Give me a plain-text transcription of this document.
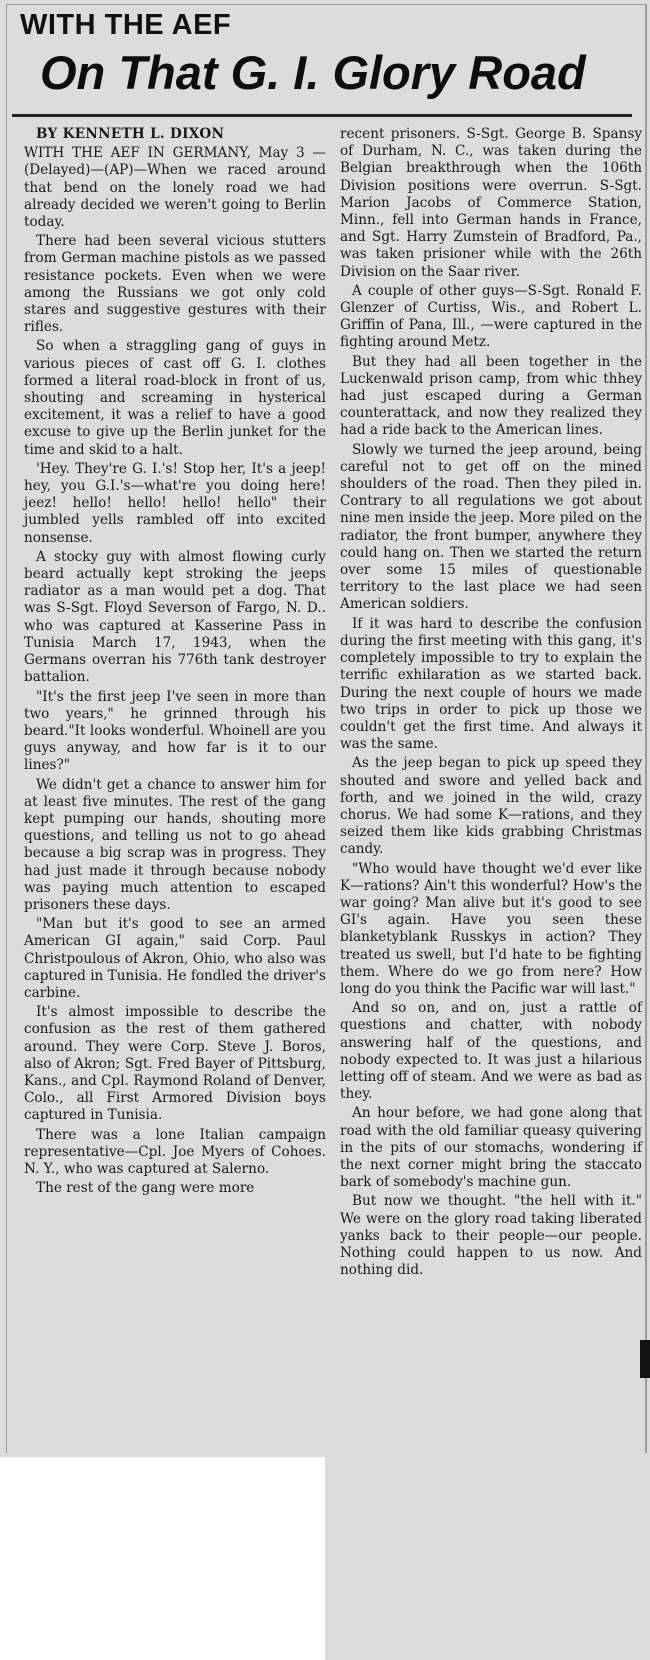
WITH THE AEF
On That G. I. Glory Road

BY KENNETH L. DIXON

WITH THE AEF IN GERMANY, May 3 —(Delayed)—(AP)—When we raced around that bend on the lonely road we had already decided we weren't going to Berlin today.

There had been several vicious stutters from German machine pistols as we passed resistance pockets. Even when we were among the Russians we got only cold stares and suggestive gestures with their rifles.

So when a straggling gang of guys in various pieces of cast off G. I. clothes formed a literal road-block in front of us, shouting and screaming in hysterical excitement, it was a relief to have a good excuse to give up the Berlin junket for the time and skid to a halt.

'Hey. They're G. I.'s! Stop her, It's a jeep! hey, you G.I.'s—what're you doing here! jeez! hello! hello! hello! hello" their jumbled yells rambled off into excited nonsense.

A stocky guy with almost flowing curly beard actually kept stroking the jeeps radiator as a man would pet a dog. That was S-Sgt. Floyd Severson of Fargo, N. D.. who was captured at Kasserine Pass in Tunisia March 17, 1943, when the Germans overran his 776th tank destroyer battalion.

"It's the first jeep I've seen in more than two years," he grinned through his beard."It looks wonderful. Whoinell are you guys anyway, and how far is it to our lines?"

We didn't get a chance to answer him for at least five minutes. The rest of the gang kept pumping our hands, shouting more questions, and telling us not to go ahead because a big scrap was in progress. They had just made it through because nobody was paying much attention to escaped prisoners these days.

"Man but it's good to see an armed American GI again," said Corp. Paul Christpoulous of Akron, Ohio, who also was captured in Tunisia. He fondled the driver's carbine.

It's almost impossible to describe the confusion as the rest of them gathered around. They were Corp. Steve J. Boros, also of Akron; Sgt. Fred Bayer of Pittsburg, Kans., and Cpl. Raymond Roland of Denver, Colo., all First Armored Division boys captured in Tunisia.

There was a lone Italian campaign representative—Cpl. Joe Myers of Cohoes. N. Y., who was captured at Salerno.

The rest of the gang were more

recent prisoners. S-Sgt. George B. Spansy of Durham, N. C., was taken during the Belgian breakthrough when the 106th Division positions were overrun. S-Sgt. Marion Jacobs of Commerce Station, Minn., fell into German hands in France, and Sgt. Harry Zumstein of Bradford, Pa., was taken prisioner while with the 26th Division on the Saar river.

A couple of other guys—S-Sgt. Ronald F. Glenzer of Curtiss, Wis., and Robert L. Griffin of Pana, Ill., —were captured in the fighting around Metz.

But they had all been together in the Luckenwald prison camp, from whic thhey had just escaped during a German counterattack, and now they realized they had a ride back to the American lines.

Slowly we turned the jeep around, being careful not to get off on the mined shoulders of the road. Then they piled in. Contrary to all regulations we got about nine men inside the jeep. More piled on the radiator, the front bumper, anywhere they could hang on. Then we started the return over some 15 miles of questionable territory to the last place we had seen American soldiers.

If it was hard to describe the confusion during the first meeting with this gang, it's completely impossible to try to explain the terrific exhilaration as we started back. During the next couple of hours we made two trips in order to pick up those we couldn't get the first time. And always it was the same.

As the jeep began to pick up speed they shouted and swore and yelled back and forth, and we joined in the wild, crazy chorus. We had some K—rations, and they seized them like kids grabbing Christmas candy.

"Who would have thought we'd ever like K—rations? Ain't this wonderful? How's the war going? Man alive but it's good to see GI's again. Have you seen these blanketyblank Russkys in action? They treated us swell, but I'd hate to be fighting them. Where do we go from nere? How long do you think the Pacific war will last."

And so on, and on, just a rattle of questions and chatter, with nobody answering half of the questions, and nobody expected to. It was just a hilarious letting off of steam. And we were as bad as they.

An hour before, we had gone along that road with the old familiar queasy quivering in the pits of our stomachs, wondering if the next corner might bring the staccato bark of somebody's machine gun.

But now we thought. "the hell with it." We were on the glory road taking liberated yanks back to their people—our people. Nothing could happen to us now. And nothing did.
